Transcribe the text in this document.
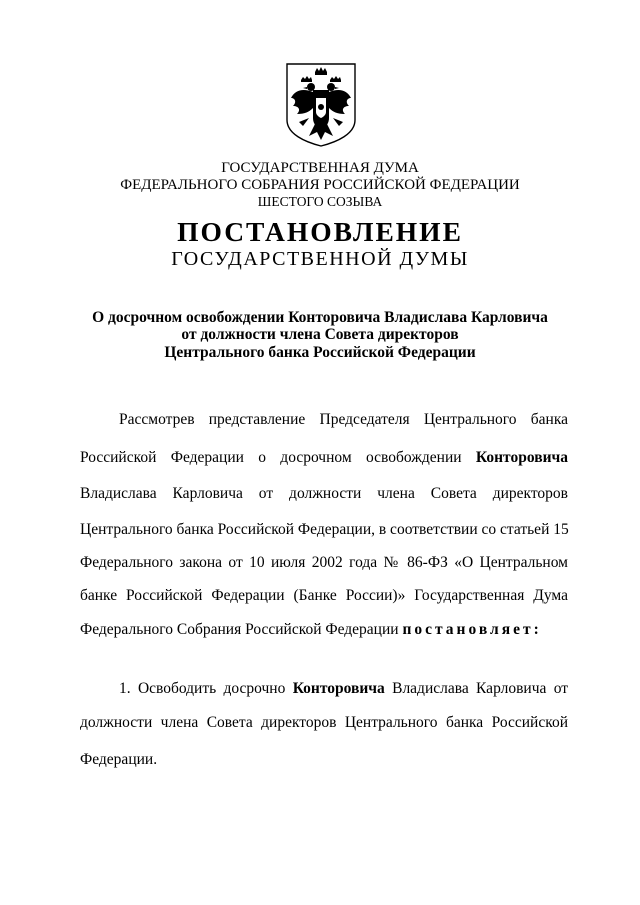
ГОСУДАРСТВЕННАЯ ДУМА
ФЕДЕРАЛЬНОГО СОБРАНИЯ РОССИЙСКОЙ ФЕДЕРАЦИИ
ШЕСТОГО СОЗЫВА
ПОСТАНОВЛЕНИЕ
ГОСУДАРСТВЕННОЙ ДУМЫ
О досрочном освобождении Конторовича Владислава Карловича
от должности члена Совета директоров
Центрального банка Российской Федерации
Рассмотрев представление Председателя Центрального банка
Российской Федерации о досрочном освобождении Конторовича
Владислава Карловича от должности члена Совета директоров
Центрального банка Российской Федерации, в соответствии со статьей 15
Федерального закона от 10 июля 2002 года № 86-ФЗ «О Центральном
банке Российской Федерации (Банке России)» Государственная Дума
Федерального Собрания Российской Федерации постановляет:
1. Освободить досрочно Конторовича Владислава Карловича от
должности члена Совета директоров Центрального банка Российской
Федерации.
